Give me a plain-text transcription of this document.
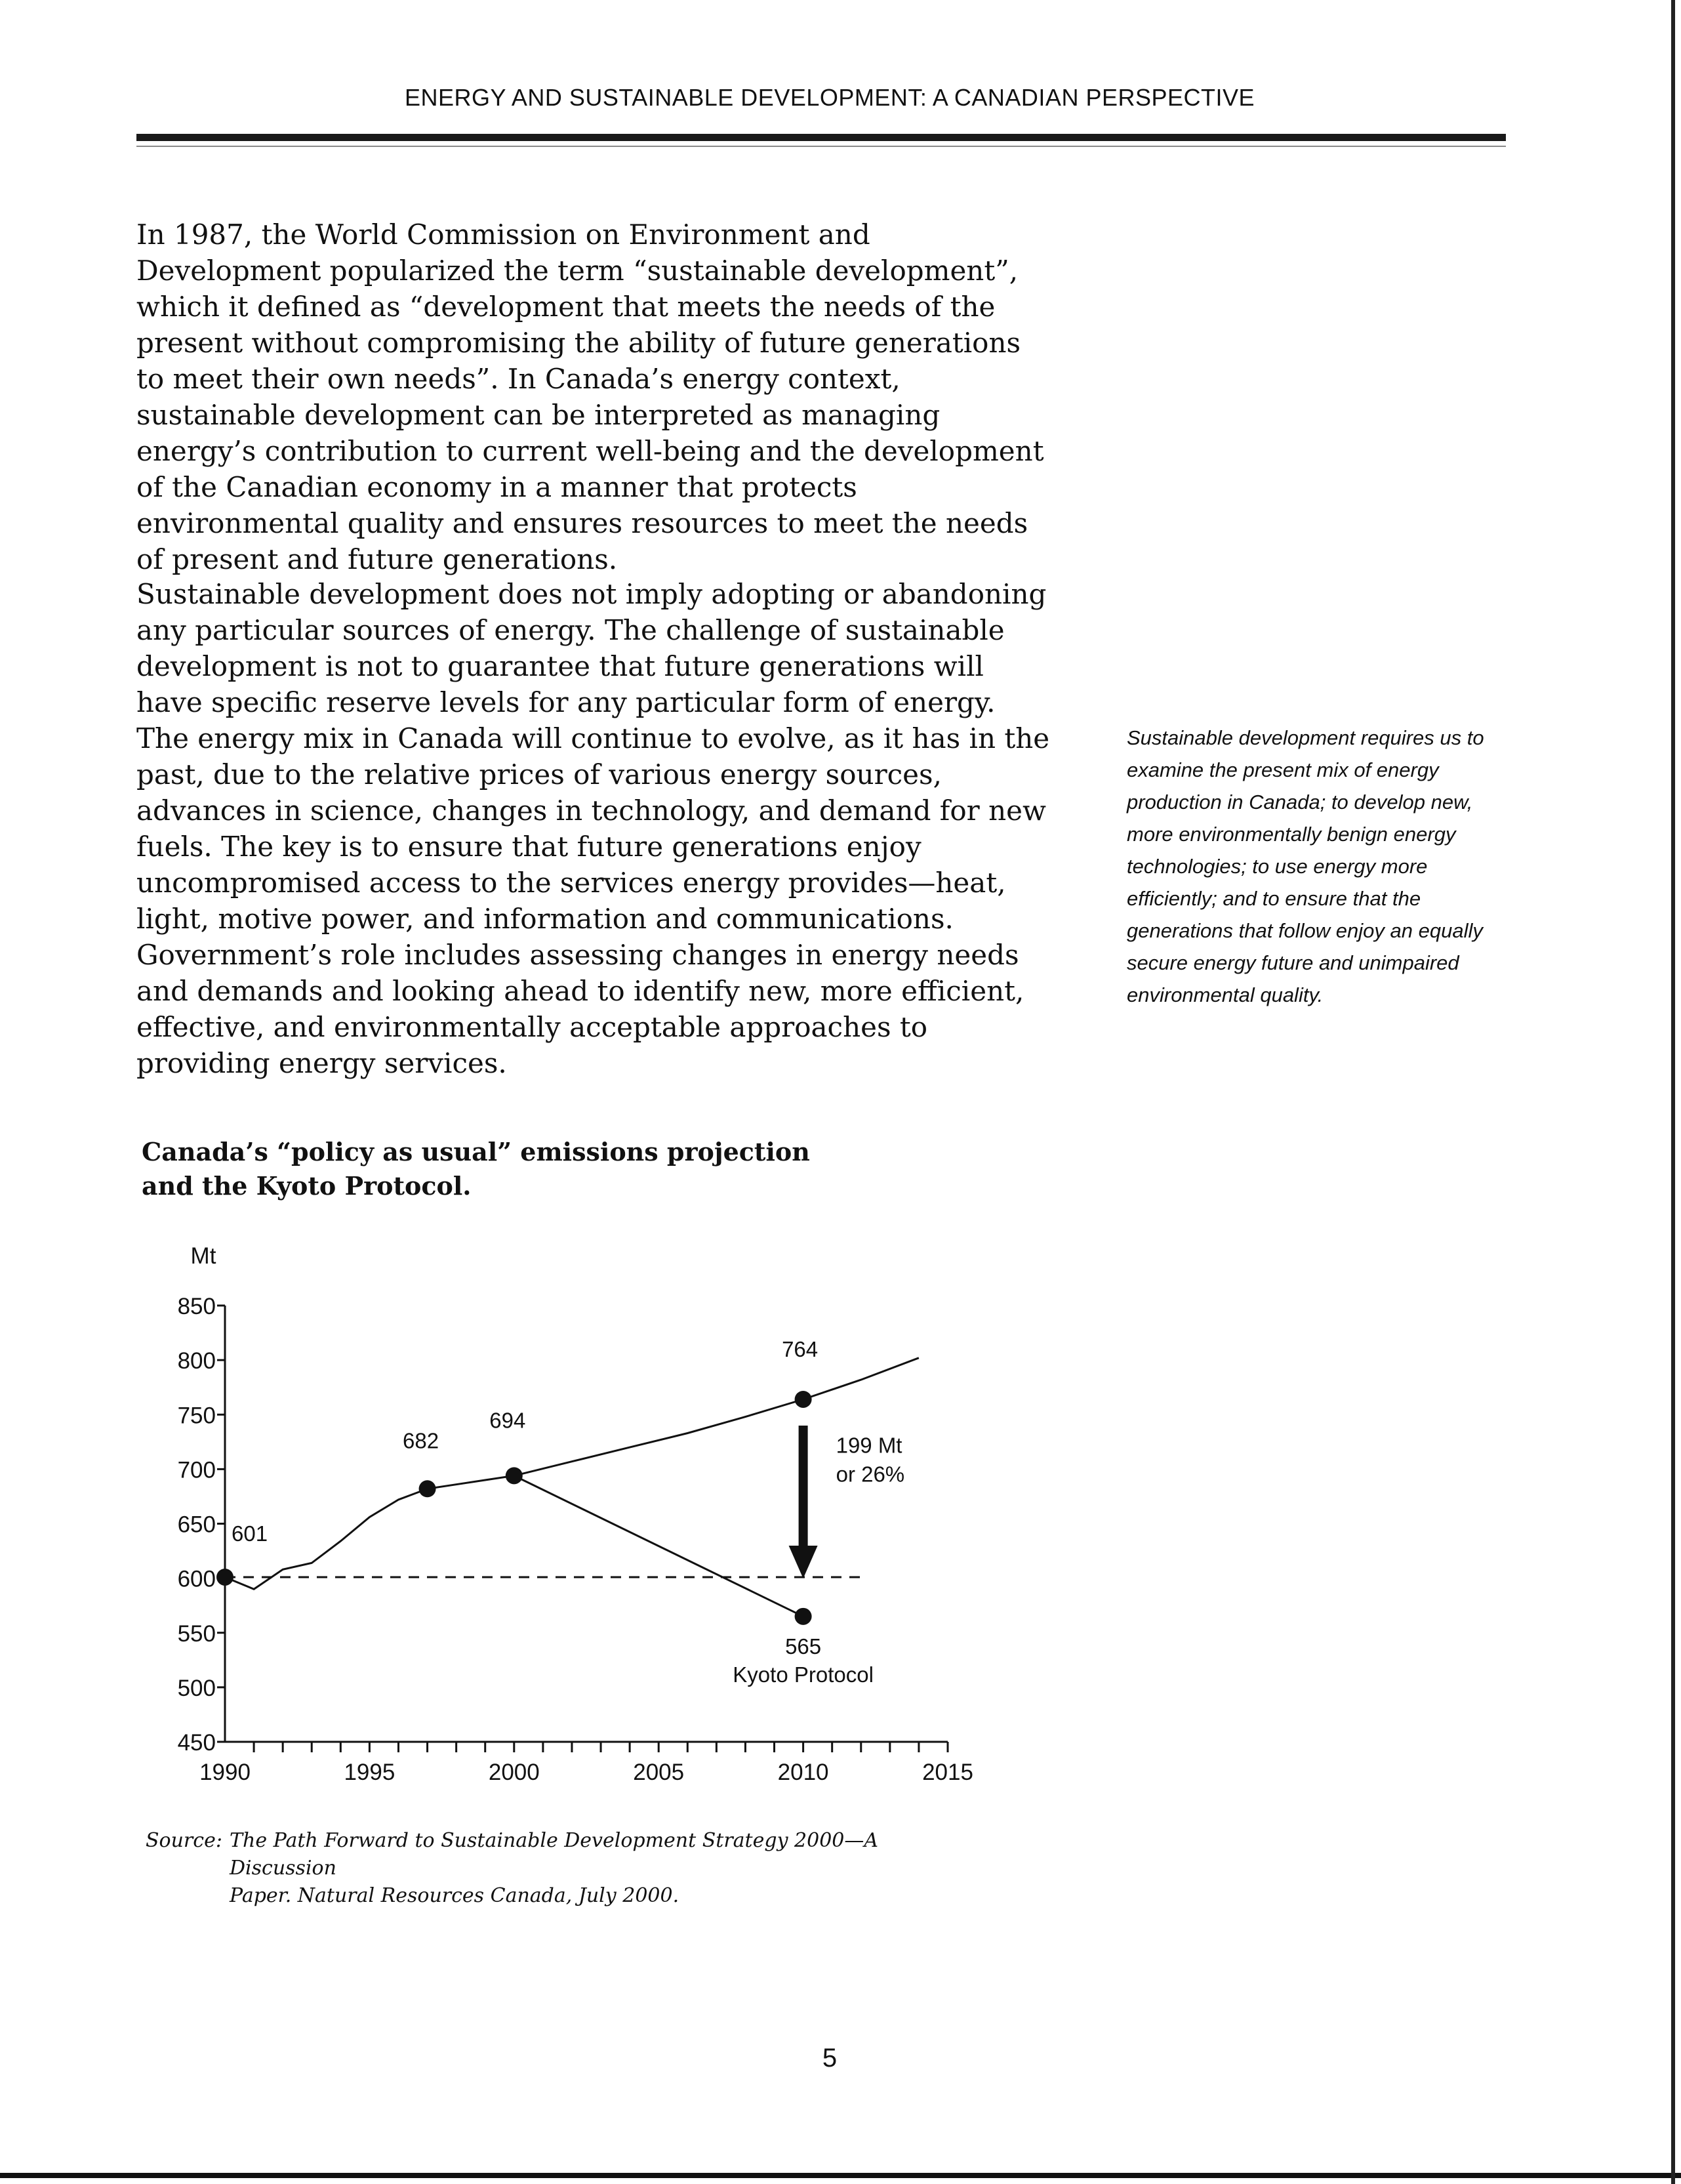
ENERGY AND SUSTAINABLE DEVELOPMENT: A CANADIAN PERSPECTIVE

In 1987, the World Commission on Environment and Development popularized the term “sustainable development”, which it defined as “development that meets the needs of the present without compromising the ability of future generations to meet their own needs”. In Canada’s energy context, sustainable development can be interpreted as managing energy’s contribution to current well-being and the development of the Canadian economy in a manner that protects environmental quality and ensures resources to meet the needs of present and future generations.

Sustainable development does not imply adopting or abandoning any particular sources of energy. The challenge of sustainable development is not to guarantee that future generations will have specific reserve levels for any particular form of energy. The energy mix in Canada will continue to evolve, as it has in the past, due to the relative prices of various energy sources, advances in science, changes in technology, and demand for new fuels. The key is to ensure that future generations enjoy uncompromised access to the services energy provides—heat, light, motive power, and information and communications. Government’s role includes assessing changes in energy needs and demands and looking ahead to identify new, more efficient, effective, and environmentally acceptable approaches to providing energy services.

Sustainable development requires us to examine the present mix of energy production in Canada; to develop new, more environmentally benign energy technologies; to use energy more efficiently; and to ensure that the generations that follow enjoy an equally secure energy future and unimpaired environmental quality.

Canada’s “policy as usual” emissions projection
and the Kyoto Protocol.
450
500
550
600
650
700
750
800
850
Mt
1990	1995	2000	2005	2010	2015
601
682
694
764
565
199 Mt
or 26%
Kyoto Protocol
Source: The Path Forward to Sustainable Development Strategy 2000—A Discussion
Paper. Natural Resources Canada, July 2000.
5
